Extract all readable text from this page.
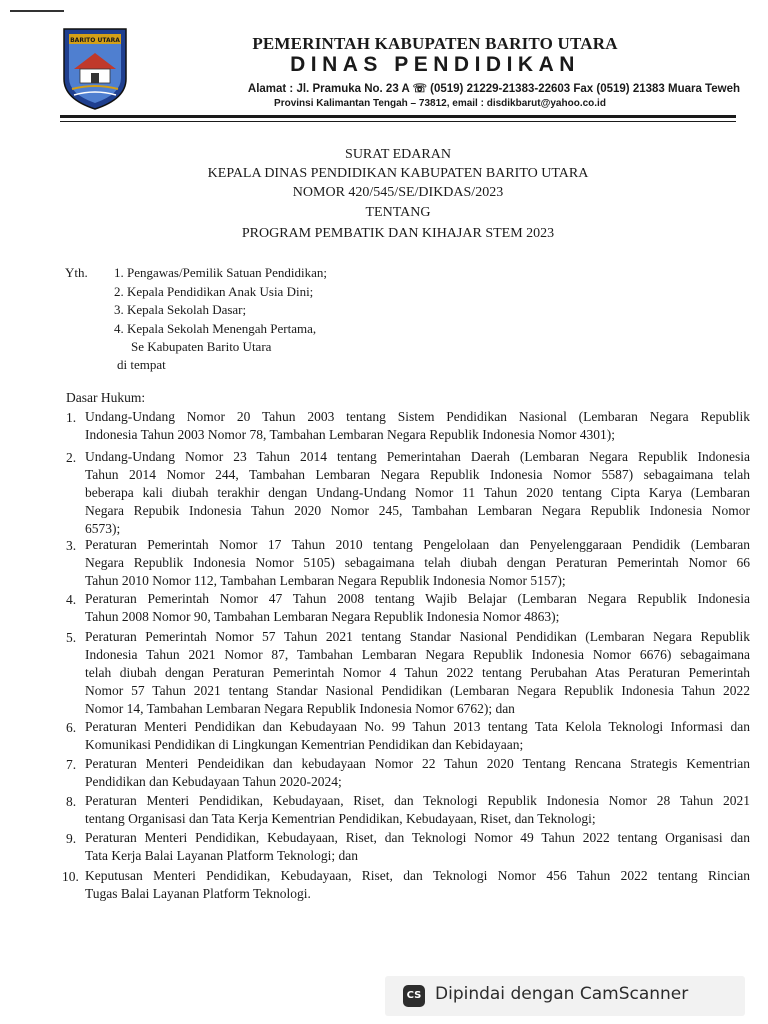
BARITO UTARA	PEMERINTAH KABUPATEN BARITO UTARA
DINAS PENDIDIKAN
Alamat : Jl. Pramuka No. 23 A ☏ (0519) 21229-21383-22603 Fax (0519) 21383 Muara Teweh
Provinsi Kalimantan Tengah – 73812, email : disdikbarut@yahoo.co.id
SURAT EDARAN
KEPALA DINAS PENDIDIKAN KABUPATEN BARITO UTARA
NOMOR 420/545/SE/DIKDAS/2023
TENTANG
PROGRAM PEMBATIK DAN KIHAJAR STEM 2023
Yth. 1. Pengawas/Pemilik Satuan Pendidikan;
2. Kepala Pendidikan Anak Usia Dini;
3. Kepala Sekolah Dasar;
4. Kepala Sekolah Menengah Pertama,
Se Kabupaten Barito Utara
di tempat
Dasar Hukum:
1. Undang-Undang Nomor 20 Tahun 2003 tentang Sistem Pendidikan Nasional (Lembaran Negara Republik
Indonesia Tahun 2003 Nomor 78, Tambahan Lembaran Negara Republik Indonesia Nomor 4301);
2. Undang-Undang Nomor 23 Tahun 2014 tentang Pemerintahan Daerah (Lembaran Negara Republik Indonesia
Tahun 2014 Nomor 244, Tambahan Lembaran Negara Republik Indonesia Nomor 5587) sebagaimana telah
beberapa kali diubah terakhir dengan Undang-Undang Nomor 11 Tahun 2020 tentang Cipta Karya (Lembaran
Negara Repubik Indonesia Tahun 2020 Nomor 245, Tambahan Lembaran Negara Republik Indonesia Nomor
6573);
3. Peraturan Pemerintah Nomor 17 Tahun 2010 tentang Pengelolaan dan Penyelenggaraan Pendidik (Lembaran
Negara Republik Indonesia Nomor 5105) sebagaimana telah diubah dengan Peraturan Pemerintah Nomor 66
Tahun 2010 Nomor 112, Tambahan Lembaran Negara Republik Indonesia Nomor 5157);
4. Peraturan Pemerintah Nomor 47 Tahun 2008 tentang Wajib Belajar (Lembaran Negara Republik Indonesia
Tahun 2008 Nomor 90, Tambahan Lembaran Negara Republik Indonesia Nomor 4863);
5. Peraturan Pemerintah Nomor 57 Tahun 2021 tentang Standar Nasional Pendidikan (Lembaran Negara Republik
Indonesia Tahun 2021 Nomor 87, Tambahan Lembaran Negara Republik Indonesia Nomor 6676) sebagaimana
telah diubah dengan Peraturan Pemerintah Nomor 4 Tahun 2022 tentang Perubahan Atas Peraturan Pemerintah
Nomor 57 Tahun 2021 tentang Standar Nasional Pendidikan (Lembaran Negara Republik Indonesia Tahun 2022
Nomor 14, Tambahan Lembaran Negara Republik Indonesia Nomor 6762); dan
6. Peraturan Menteri Pendidikan dan Kebudayaan No. 99 Tahun 2013 tentang Tata Kelola Teknologi Informasi dan
Komunikasi Pendidikan di Lingkungan Kementrian Pendidikan dan Kebidayaan;
7. Peraturan Menteri Pendeidikan dan kebudayaan Nomor 22 Tahun 2020 Tentang Rencana Strategis Kementrian
Pendidikan dan Kebudayaan Tahun 2020-2024;
8. Peraturan Menteri Pendidikan, Kebudayaan, Riset, dan Teknologi Republik Indonesia Nomor 28 Tahun 2021
tentang Organisasi dan Tata Kerja Kementrian Pendidikan, Kebudayaan, Riset, dan Teknologi;
9. Peraturan Menteri Pendidikan, Kebudayaan, Riset, dan Teknologi Nomor 49 Tahun 2022 tentang Organisasi dan
Tata Kerja Balai Layanan Platform Teknologi; dan
10. Keputusan Menteri Pendidikan, Kebudayaan, Riset, dan Teknologi Nomor 456 Tahun 2022 tentang Rincian
Tugas Balai Layanan Platform Teknologi.
CS Dipindai dengan CamScanner
